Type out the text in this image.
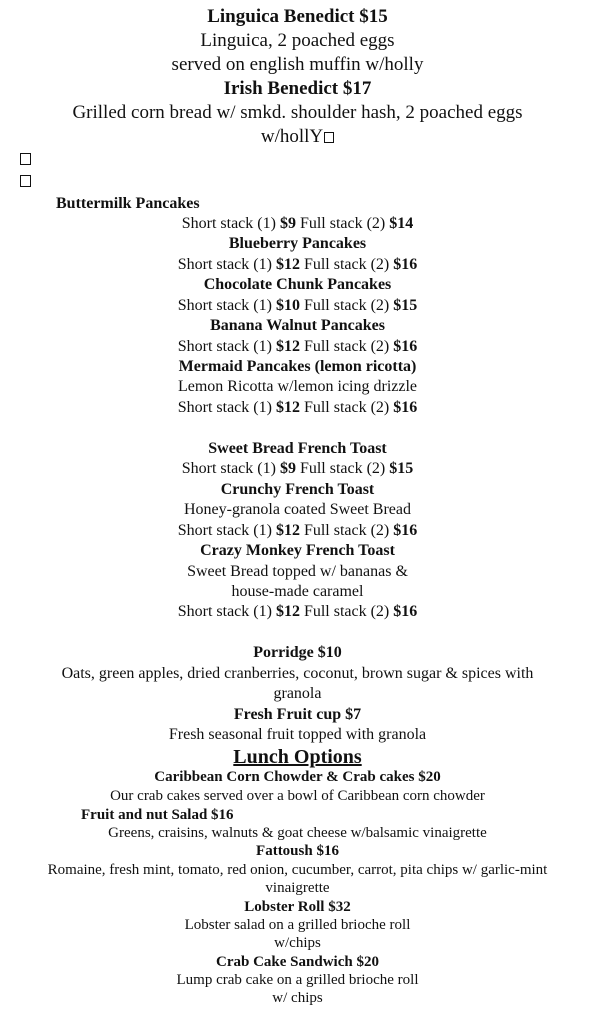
Linguica Benedict $15
Linguica, 2 poached eggs
served on english muffin w/holly
Irish Benedict $17
Grilled corn bread w/ smkd. shoulder hash, 2 poached eggs
w/hollY
Buttermilk Pancakes
Short stack (1) $9 Full stack (2) $14
Blueberry Pancakes
Short stack (1) $12 Full stack (2) $16
Chocolate Chunk Pancakes
Short stack (1) $10 Full stack (2) $15
Banana Walnut Pancakes
Short stack (1) $12 Full stack (2) $16
Mermaid Pancakes (lemon ricotta)
Lemon Ricotta w/lemon icing drizzle
Short stack (1) $12 Full stack (2) $16
Sweet Bread French Toast
Short stack (1) $9 Full stack (2) $15
Crunchy French Toast
Honey-granola coated Sweet Bread
Short stack (1) $12 Full stack (2) $16
Crazy Monkey French Toast
Sweet Bread topped w/ bananas &
house-made caramel
Short stack (1) $12 Full stack (2) $16
Porridge $10
Oats, green apples, dried cranberries, coconut, brown sugar & spices with
granola
Fresh Fruit cup $7
Fresh seasonal fruit topped with granola
Lunch Options
Caribbean Corn Chowder & Crab cakes $20
Our crab cakes served over a bowl of Caribbean corn chowder
Fruit and nut Salad $16
Greens, craisins, walnuts & goat cheese w/balsamic vinaigrette
Fattoush $16
Romaine, fresh mint, tomato, red onion, cucumber, carrot, pita chips w/ garlic-mint
vinaigrette
Lobster Roll $32
Lobster salad on a grilled brioche roll
w/chips
Crab Cake Sandwich $20
Lump crab cake on a grilled brioche roll
w/ chips
